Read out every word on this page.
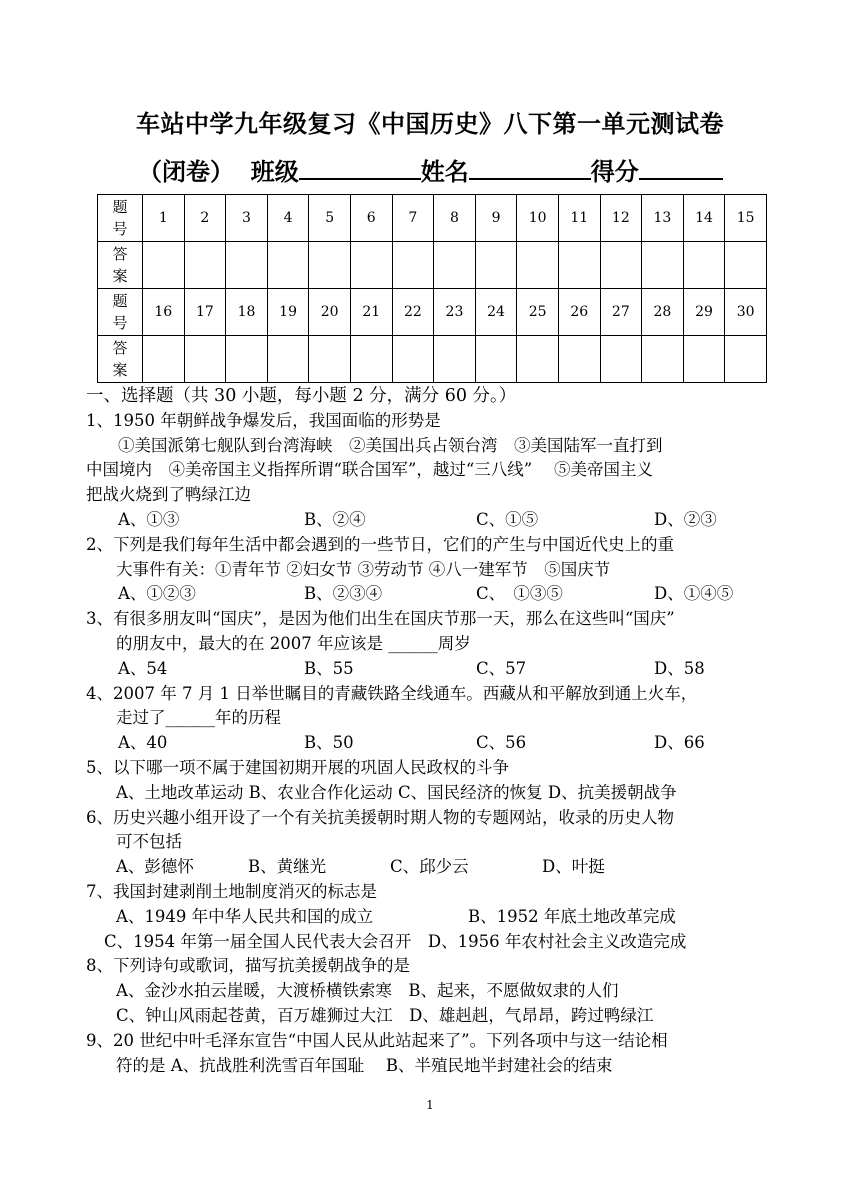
车站中学九年级复习《中国历史》八下第一单元测试卷
（闭卷） 班级	姓名	得分
题
号	1	2	3	4	5	6	7	8	9	10	11	12	13	14	15
答
案															
题
号	16	17	18	19	20	21	22	23	24	25	26	27	28	29	30
答
案															
一、选择题（共 30 小题，每小题 2 分，满分 60 分。）
1、1950 年朝鲜战争爆发后，我国面临的形势是
①美国派第七舰队到台湾海峡　②美国出兵占领台湾　③美国陆军一直打到
中国境内　④美帝国主义指挥所谓“联合国军”，越过“三八线”　 ⑤美帝国主义
把战火烧到了鸭绿江边
A、①③	B、②④	C、①⑤	D、②③
2、下列是我们每年生活中都会遇到的一些节日，它们的产生与中国近代史上的重
大事件有关：①青年节 ②妇女节 ③劳动节 ④八一建军节　⑤国庆节
A、①②③	B、②③④	C、　①③⑤	D、①④⑤
3、有很多朋友叫“国庆”，是因为他们出生在国庆节那一天，那么在这些叫“国庆”
的朋友中，最大的在 2007 年应该是 ______周岁
A、54	B、55	C、57	D、58
4、2007 年 7 月 1 日举世瞩目的青藏铁路全线通车。西藏从和平解放到通上火车，
走过了______年的历程
A、40	B、50	C、56	D、66
5、以下哪一项不属于建国初期开展的巩固人民政权的斗争
A、土地改革运动 B、农业合作化运动 C、国民经济的恢复 D、抗美援朝战争
6、历史兴趣小组开设了一个有关抗美援朝时期人物的专题网站，收录的历史人物
可不包括
A、彭德怀	B、黄继光	C、邱少云	D、叶挺
7、我国封建剥削土地制度消灭的标志是
A、1949 年中华人民共和国的成立	B、1952 年底土地改革完成
C、1954 年第一届全国人民代表大会召开　D、1956 年农村社会主义改造完成
8、下列诗句或歌词，描写抗美援朝战争的是
A、金沙水拍云崖暖，大渡桥横铁索寒　B、起来，不愿做奴隶的人们
C、钟山风雨起苍黄，百万雄狮过大江　D、雄赳赳，气昂昂，跨过鸭绿江
9、20 世纪中叶毛泽东宣告“中国人民从此站起来了”。下列各项中与这一结论相
符的是 A、抗战胜利洗雪百年国耻　 B、半殖民地半封建社会的结束
1
